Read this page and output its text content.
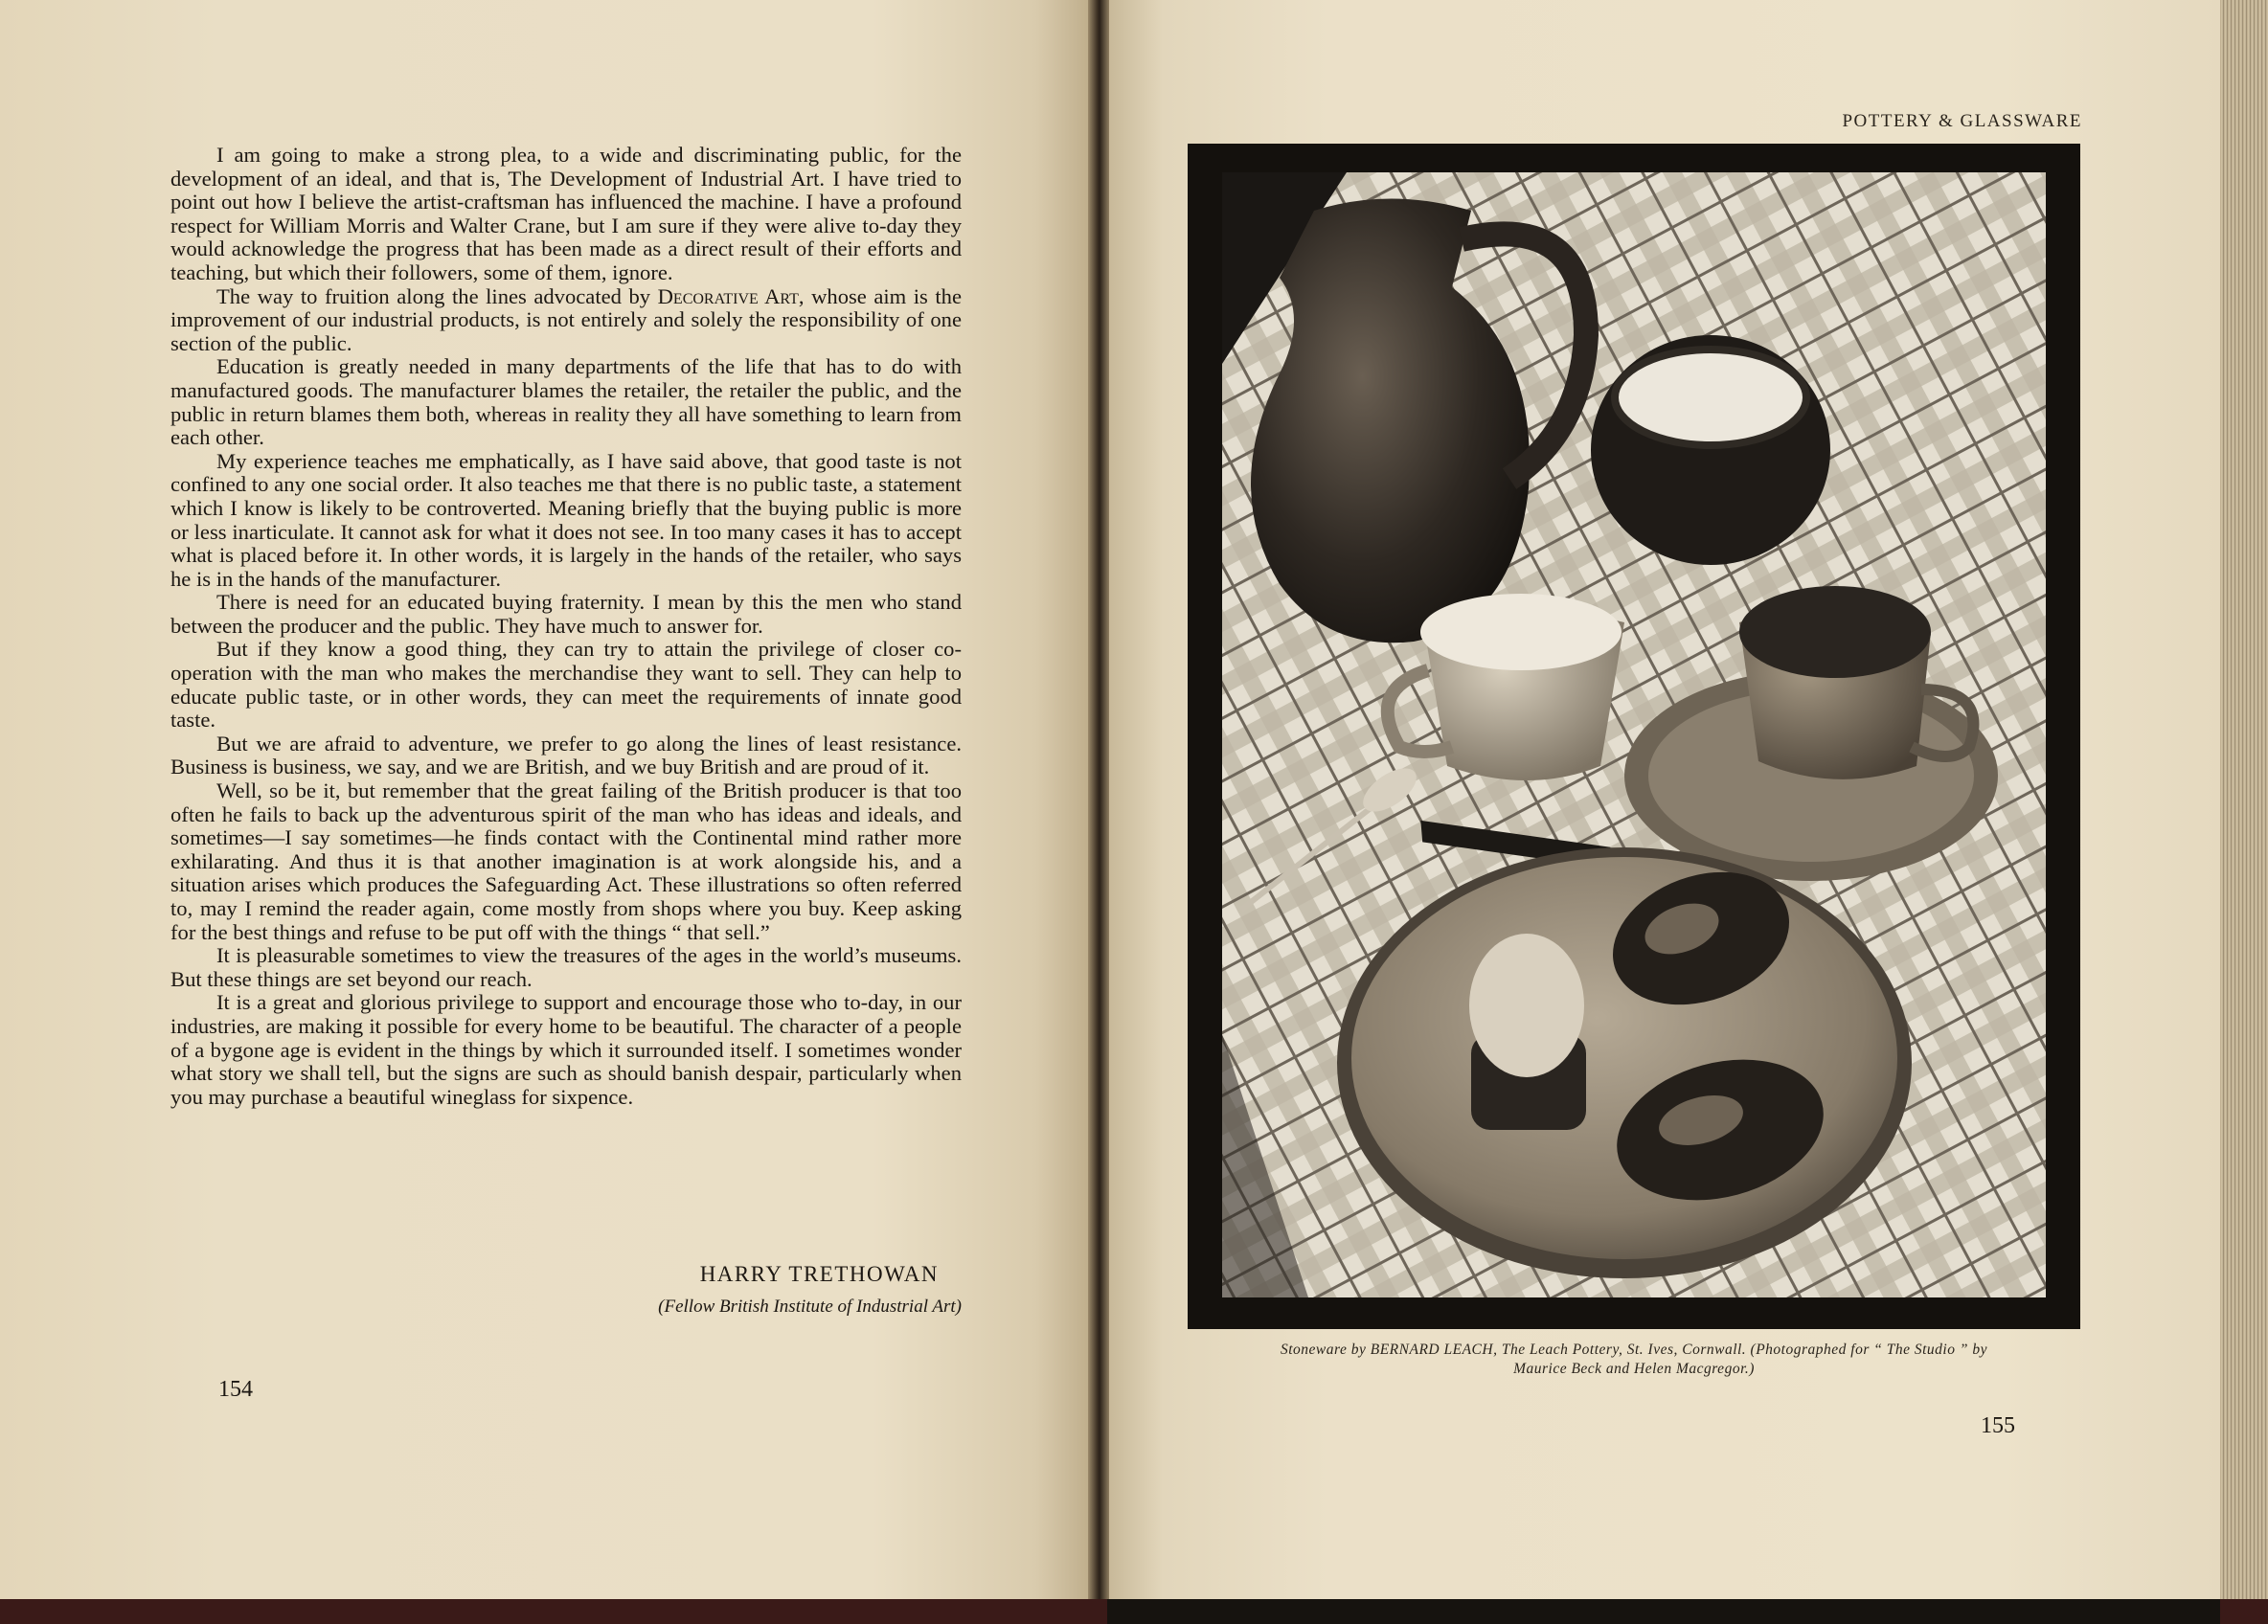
I am going to make a strong plea, to a wide and discriminating public, for the development of an ideal, and that is, The Development of Industrial Art. I have tried to point out how I believe the artist-craftsman has influenced the machine. I have a profound respect for William Morris and Walter Crane, but I am sure if they were alive to-day they would acknowledge the progress that has been made as a direct result of their efforts and teaching, but which their followers, some of them, ignore.

The way to fruition along the lines advocated by Decorative Art, whose aim is the improvement of our industrial products, is not entirely and solely the responsibility of one section of the public.

Education is greatly needed in many departments of the life that has to do with manufactured goods. The manufacturer blames the retailer, the retailer the public, and the public in return blames them both, whereas in reality they all have something to learn from each other.

My experience teaches me emphatically, as I have said above, that good taste is not confined to any one social order. It also teaches me that there is no public taste, a statement which I know is likely to be controverted. Meaning briefly that the buying public is more or less inarticulate. It cannot ask for what it does not see. In too many cases it has to accept what is placed before it. In other words, it is largely in the hands of the retailer, who says he is in the hands of the manufacturer.

There is need for an educated buying fraternity. I mean by this the men who stand between the producer and the public. They have much to answer for.

But if they know a good thing, they can try to attain the privilege of closer co-operation with the man who makes the merchandise they want to sell. They can help to educate public taste, or in other words, they can meet the requirements of innate good taste.

But we are afraid to adventure, we prefer to go along the lines of least resistance. Business is business, we say, and we are British, and we buy British and are proud of it.

Well, so be it, but remember that the great failing of the British producer is that too often he fails to back up the adventurous spirit of the man who has ideas and ideals, and sometimes—I say sometimes—he finds contact with the Continental mind rather more exhilarating. And thus it is that another imagination is at work alongside his, and a situation arises which produces the Safeguarding Act. These illustrations so often referred to, may I remind the reader again, come mostly from shops where you buy. Keep asking for the best things and refuse to be put off with the things “ that sell.”

It is pleasurable sometimes to view the treasures of the ages in the world’s museums. But these things are set beyond our reach.

It is a great and glorious privilege to support and encourage those who to-day, in our industries, are making it possible for every home to be beautiful. The character of a people of a bygone age is evident in the things by which it surrounded itself. I sometimes wonder what story we shall tell, but the signs are such as should banish despair, particularly when you may purchase a beautiful wineglass for sixpence.

HARRY TRETHOWAN
(Fellow British Institute of Industrial Art)
154
POTTERY & GLASSWARE
Stoneware by BERNARD LEACH, The Leach Pottery, St. Ives, Cornwall. (Photographed for “ The Studio ” by
Maurice Beck and Helen Macgregor.)
155
